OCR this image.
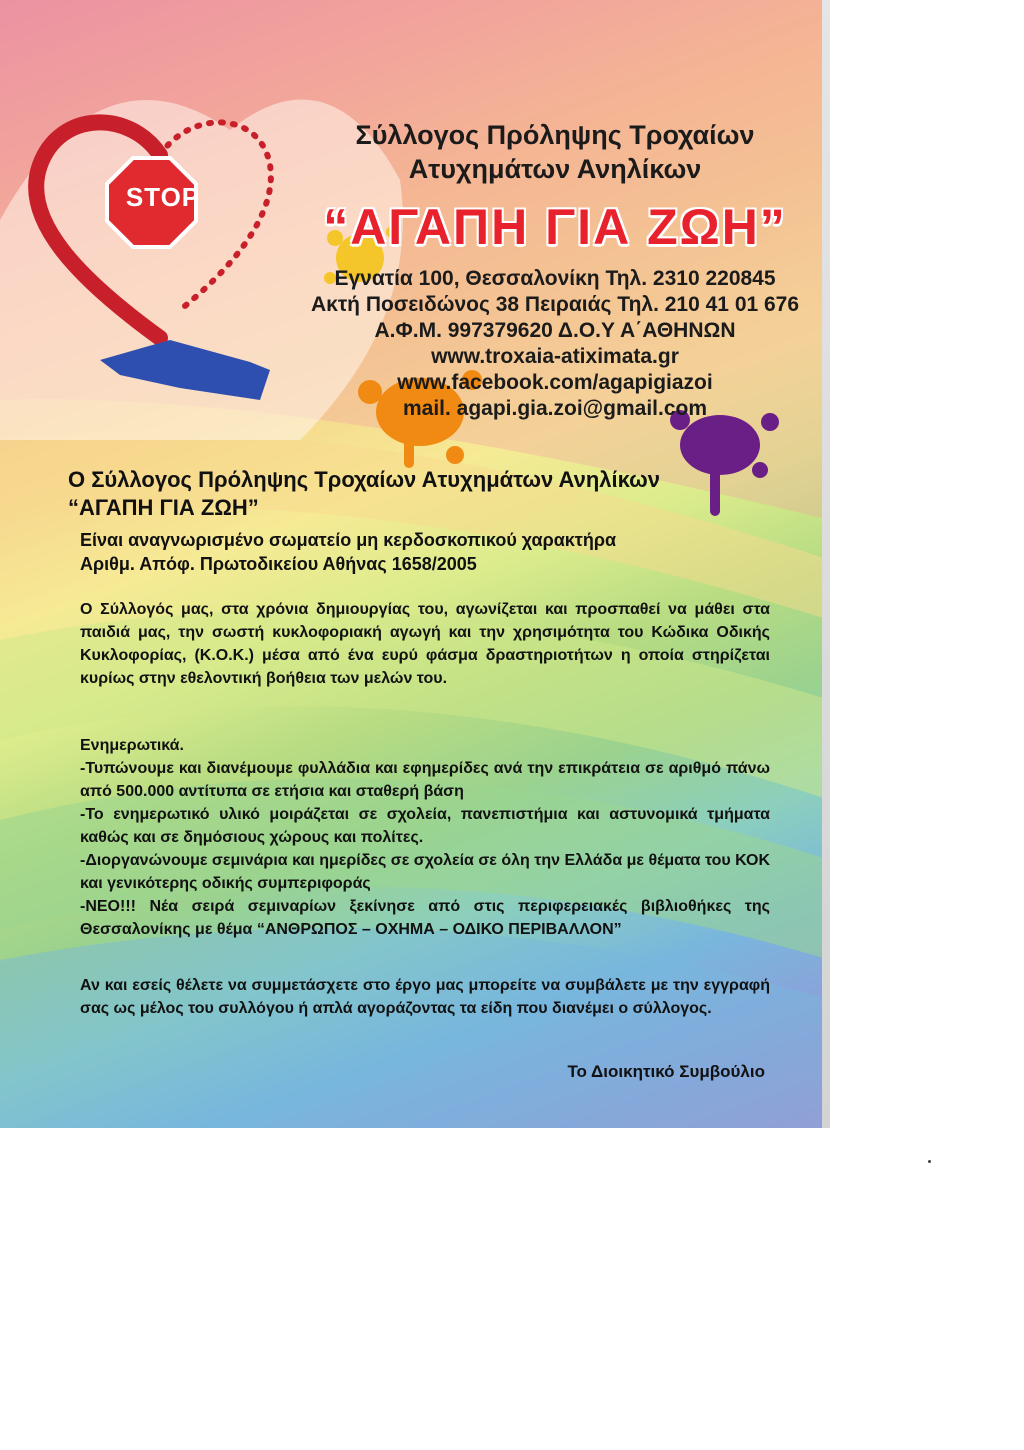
STOP
Σύλλογος Πρόληψης Τροχαίων
Ατυχημάτων Ανηλίκων
“ΑΓΑΠΗ ΓΙΑ ΖΩΗ”
Εγνατία 100, Θεσσαλονίκη Τηλ. 2310 220845
Ακτή Ποσειδώνος 38 Πειραιάς Τηλ. 210 41 01 676
Α.Φ.Μ. 997379620 Δ.Ο.Υ Α΄ΑΘΗΝΩΝ
www.troxaia-atiximata.gr
www.facebook.com/agapigiazoi
mail. agapi.gia.zoi@gmail.com
Ο Σύλλογος Πρόληψης Τροχαίων Ατυχημάτων Ανηλίκων
“ΑΓΑΠΗ ΓΙΑ ΖΩΗ”
Είναι αναγνωρισμένο σωματείο μη κερδοσκοπικού χαρακτήρα
Αριθμ. Απόφ. Πρωτοδικείου Αθήνας 1658/2005
Ο Σύλλογός μας, στα χρόνια δημιουργίας του, αγωνίζεται και προσπαθεί να μάθει στα παιδιά μας, την σωστή κυκλοφοριακή αγωγή και την χρησιμότητα του Κώδικα Οδικής Κυκλοφορίας, (Κ.Ο.Κ.) μέσα από ένα ευρύ φάσμα δραστηριοτήτων η οποία στηρίζεται κυρίως στην εθελοντική βοήθεια των μελών του.
Ενημερωτικά.
-Τυπώνουμε και διανέμουμε φυλλάδια και εφημερίδες ανά την επικράτεια σε αριθμό πάνω από 500.000 αντίτυπα σε ετήσια και σταθερή βάση
-Το ενημερωτικό υλικό μοιράζεται σε σχολεία, πανεπιστήμια και αστυνομικά τμήματα καθώς και σε δημόσιους χώρους και πολίτες.
-Διοργανώνουμε σεμινάρια και ημερίδες σε σχολεία σε όλη την Ελλάδα με θέματα του ΚΟΚ και γενικότερης οδικής συμπεριφοράς
-ΝΕΟ!!! Νέα σειρά σεμιναρίων ξεκίνησε από στις περιφερειακές βιβλιοθήκες της Θεσσαλονίκης με θέμα “ΑΝΘΡΩΠΟΣ – ΟΧΗΜΑ – ΟΔΙΚΟ ΠΕΡΙΒΑΛΛΟΝ”
Αν και εσείς θέλετε να συμμετάσχετε στο έργο μας μπορείτε να συμβάλετε με την εγγραφή σας ως μέλος του συλλόγου ή απλά αγοράζοντας τα είδη που διανέμει ο σύλλογος.
Το Διοικητικό Συμβούλιο
